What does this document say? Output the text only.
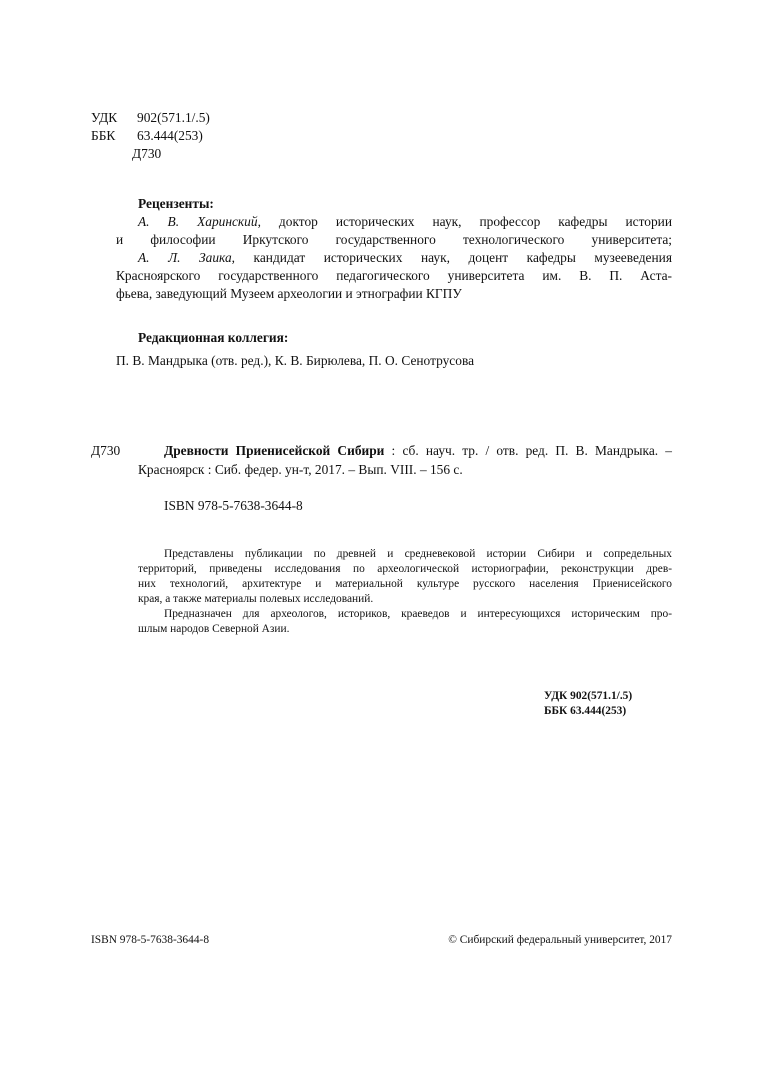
УДК 902(571.1/.5)
ББК 63.444(253)
Д730
Рецензенты:
А. В. Харинский, доктор исторических наук, профессор кафедры истории
и философии Иркутского государственного технологического университета;
А. Л. Заика, кандидат исторических наук, доцент кафедры музееведения
Красноярского государственного педагогического университета им. В. П. Аста-
фьева, заведующий Музеем археологии и этнографии КГПУ
Редакционная коллегия:
П. В. Мандрыка (отв. ред.), К. В. Бирюлева, П. О. Сенотрусова
Д730	Древности Приенисейской Сибири : сб. науч. тр. / отв. ред. П. В. Мандрыка. –
Красноярск : Сиб. федер. ун-т, 2017. – Вып. VIII. – 156 с.
ISBN 978-5-7638-3644-8
Представлены публикации по древней и средневековой истории Сибири и сопредельных
территорий, приведены исследования по археологической историографии, реконструкции древ-
них технологий, архитектуре и материальной культуре русского населения Приенисейского
края, а также материалы полевых исследований.
Предназначен для археологов, историков, краеведов и интересующихся историческим про-
шлым народов Северной Азии.
УДК 902(571.1/.5)
ББК 63.444(253)
ISBN 978-5-7638-3644-8	© Сибирский федеральный университет, 2017
